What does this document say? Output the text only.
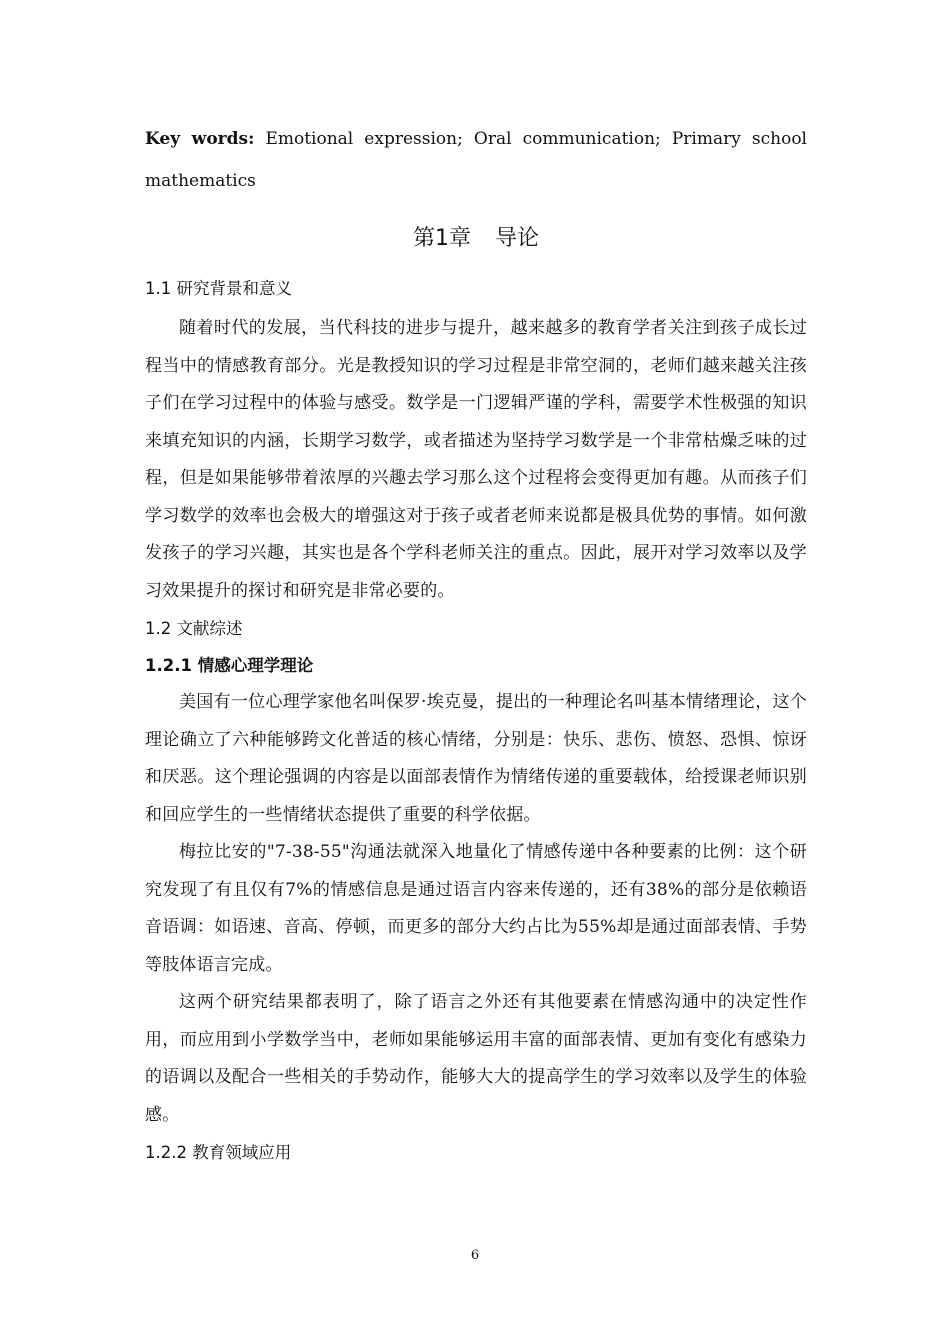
Key words: Emotional expression; Oral communication; Primary school mathematics

第1章 导论
1.1 研究背景和意义

随着时代的发展，当代科技的进步与提升，越来越多的教育学者关注到孩子成长过程当中的情感教育部分。光是教授知识的学习过程是非常空洞的，老师们越来越关注孩子们在学习过程中的体验与感受。数学是一门逻辑严谨的学科，需要学术性极强的知识来填充知识的内涵，长期学习数学，或者描述为坚持学习数学是一个非常枯燥乏味的过程，但是如果能够带着浓厚的兴趣去学习那么这个过程将会变得更加有趣。从而孩子们学习数学的效率也会极大的增强这对于孩子或者老师来说都是极具优势的事情。如何激发孩子的学习兴趣，其实也是各个学科老师关注的重点。因此，展开对学习效率以及学习效果提升的探讨和研究是非常必要的。

1.2 文献综述
1.2.1 情感心理学理论

美国有一位心理学家他名叫保罗·埃克曼，提出的一种理论名叫基本情绪理论，这个理论确立了六种能够跨文化普适的核心情绪，分别是：快乐、悲伤、愤怒、恐惧、惊讶和厌恶。这个理论强调的内容是以面部表情作为情绪传递的重要载体，给授课老师识别和回应学生的一些情绪状态提供了重要的科学依据。

梅拉比安的"7-38-55"沟通法就深入地量化了情感传递中各种要素的比例：这个研究发现了有且仅有7%的情感信息是通过语言内容来传递的，还有38%的部分是依赖语音语调：如语速、音高、停顿，而更多的部分大约占比为55%却是通过面部表情、手势等肢体语言完成。

这两个研究结果都表明了，除了语言之外还有其他要素在情感沟通中的决定性作用，而应用到小学数学当中，老师如果能够运用丰富的面部表情、更加有变化有感染力的语调以及配合一些相关的手势动作，能够大大的提高学生的学习效率以及学生的体验感。

1.2.2 教育领域应用
6
